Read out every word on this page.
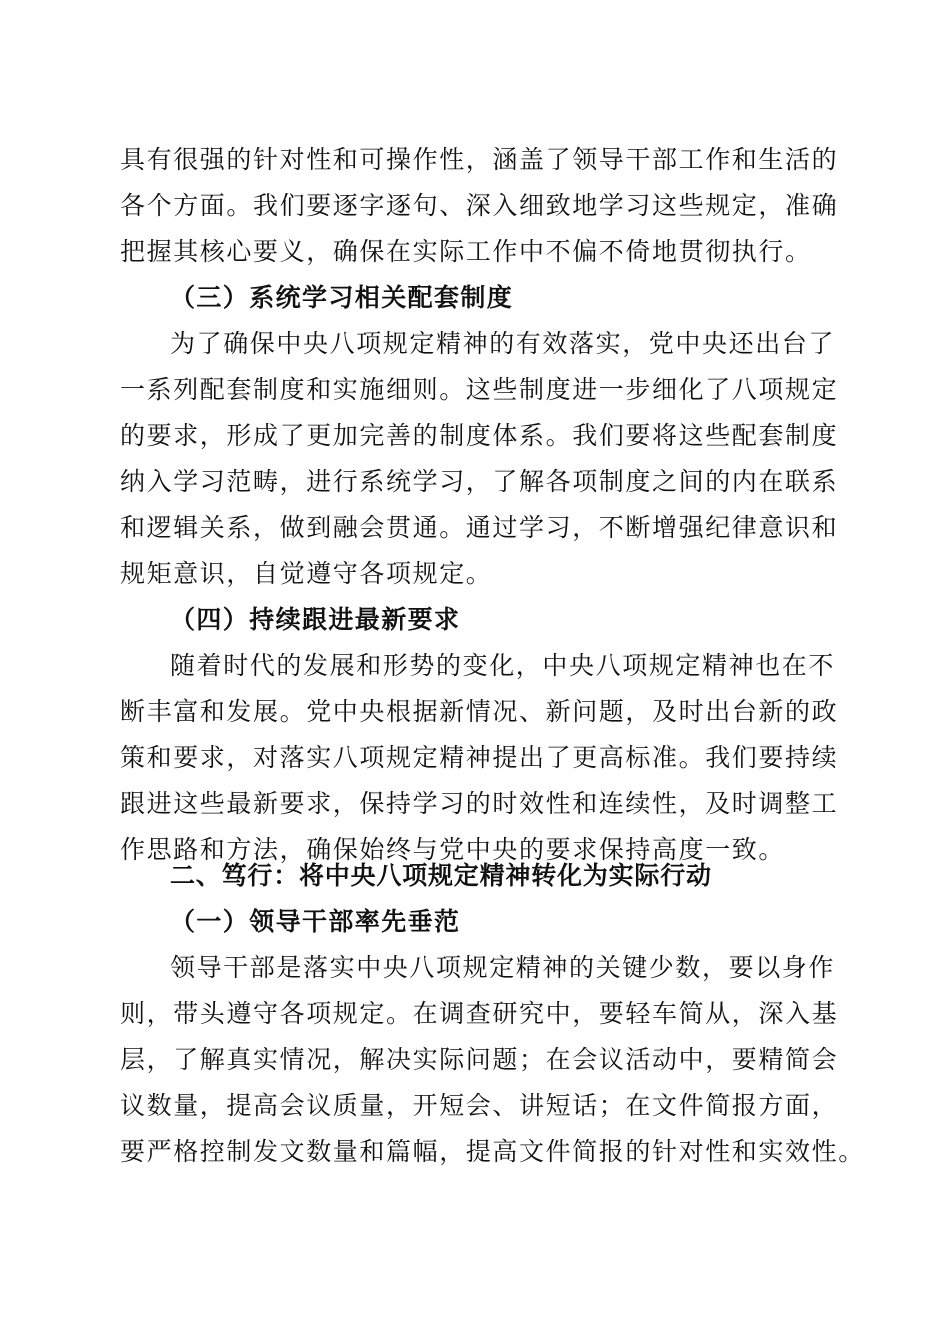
具有很强的针对性和可操作性，涵盖了领导干部工作和生活的
各个方面。我们要逐字逐句、深入细致地学习这些规定，准确
把握其核心要义，确保在实际工作中不偏不倚地贯彻执行。
（三）系统学习相关配套制度
为了确保中央八项规定精神的有效落实，党中央还出台了
一系列配套制度和实施细则。这些制度进一步细化了八项规定
的要求，形成了更加完善的制度体系。我们要将这些配套制度
纳入学习范畴，进行系统学习，了解各项制度之间的内在联系
和逻辑关系，做到融会贯通。通过学习，不断增强纪律意识和
规矩意识，自觉遵守各项规定。
（四）持续跟进最新要求
随着时代的发展和形势的变化，中央八项规定精神也在不
断丰富和发展。党中央根据新情况、新问题，及时出台新的政
策和要求，对落实八项规定精神提出了更高标准。我们要持续
跟进这些最新要求，保持学习的时效性和连续性，及时调整工
作思路和方法，确保始终与党中央的要求保持高度一致。
二、笃行：将中央八项规定精神转化为实际行动
（一）领导干部率先垂范
领导干部是落实中央八项规定精神的关键少数，要以身作
则，带头遵守各项规定。在调查研究中，要轻车简从，深入基
层，了解真实情况，解决实际问题；在会议活动中，要精简会
议数量，提高会议质量，开短会、讲短话；在文件简报方面，
要严格控制发文数量和篇幅，提高文件简报的针对性和实效性。
